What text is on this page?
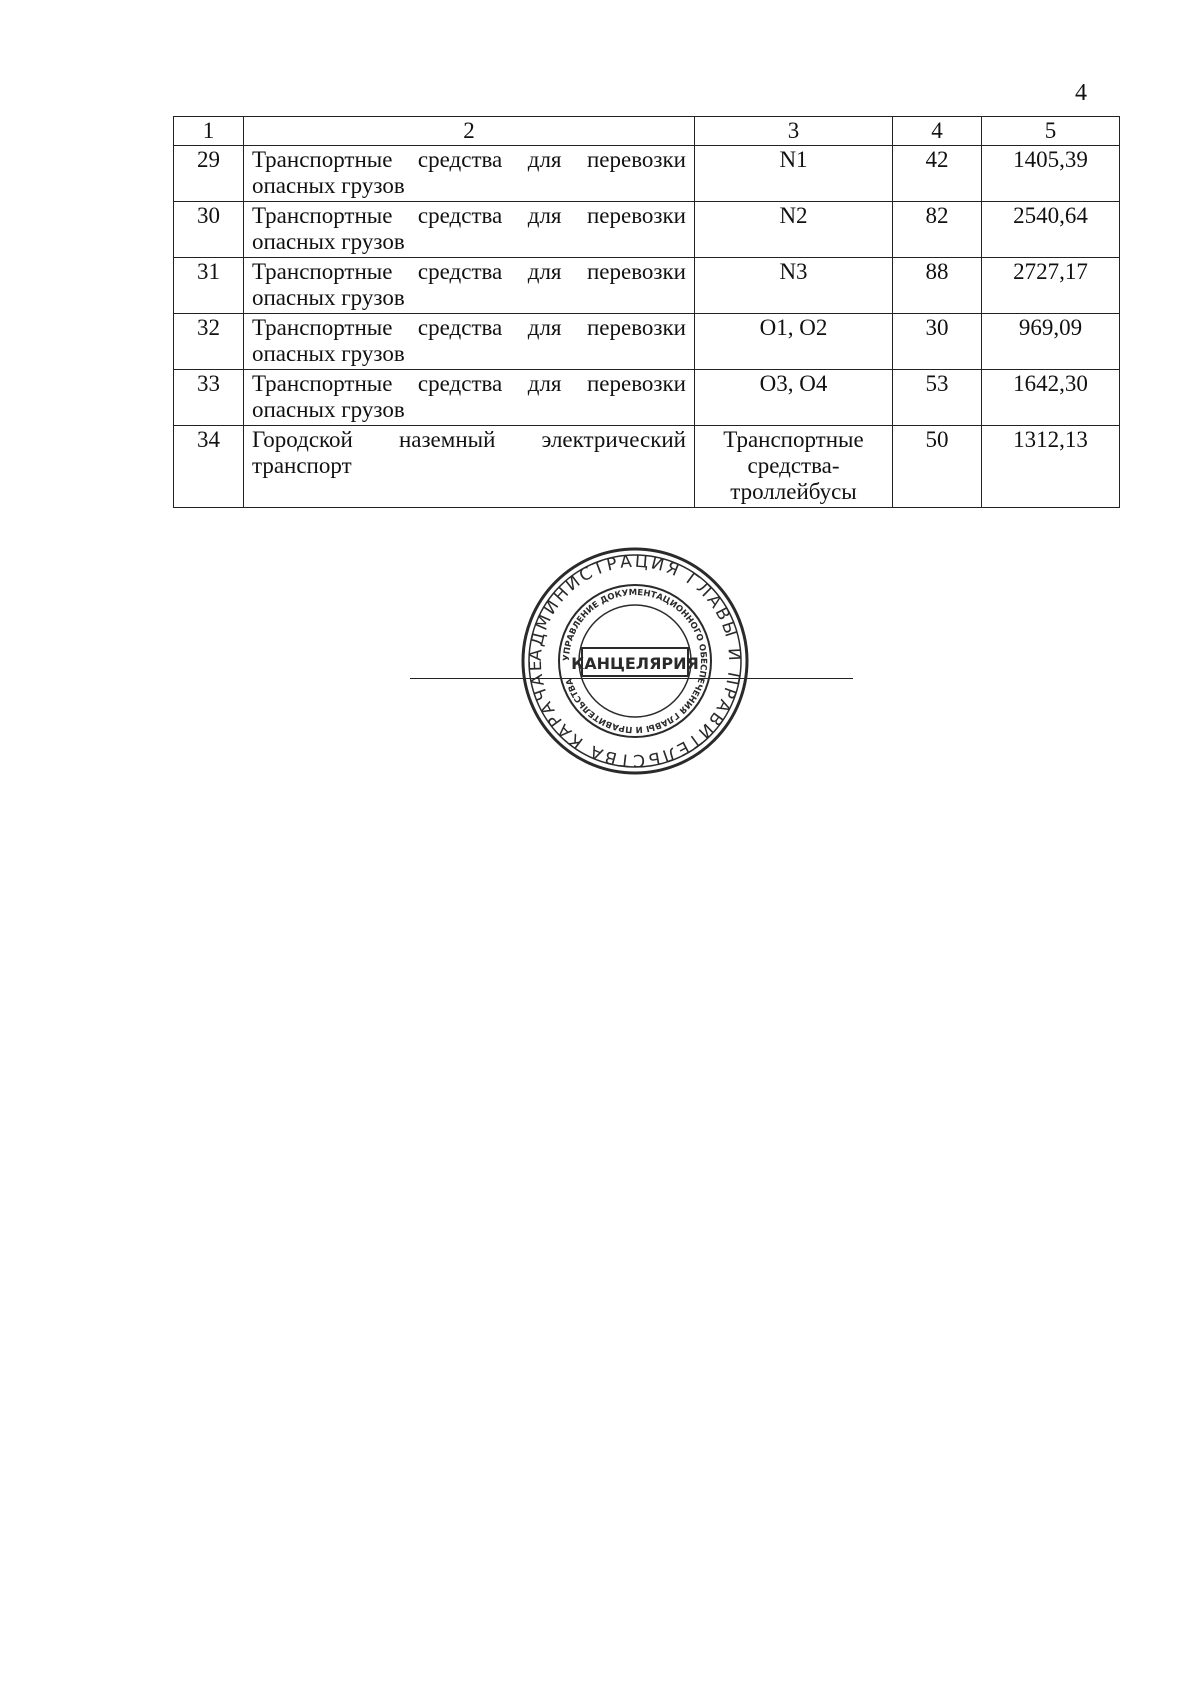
4
1	2	3	4	5
29	Транспортные средства для перевозки опасных грузов	N1	42	1405,39
30	Транспортные средства для перевозки опасных грузов	N2	82	2540,64
31	Транспортные средства для перевозки опасных грузов	N3	88	2727,17
32	Транспортные средства для перевозки опасных грузов	O1, O2	30	969,09
33	Транспортные средства для перевозки опасных грузов	O3, O4	53	1642,30
34	Городской наземный электрический транспорт	Транспортные средства-троллейбусы	50	1312,13
АДМИНИСТРАЦИЯ ГЛАВЫ И ПРАВИТЕЛЬСТВА КАРАЧАЕ	УПРАВЛЕНИЕ ДОКУМЕНТАЦИОННОГО ОБЕСПЕЧЕНИЯ ГЛАВЫ И ПРАВИТЕЛЬСТВА
КАНЦЕЛЯРИЯ
